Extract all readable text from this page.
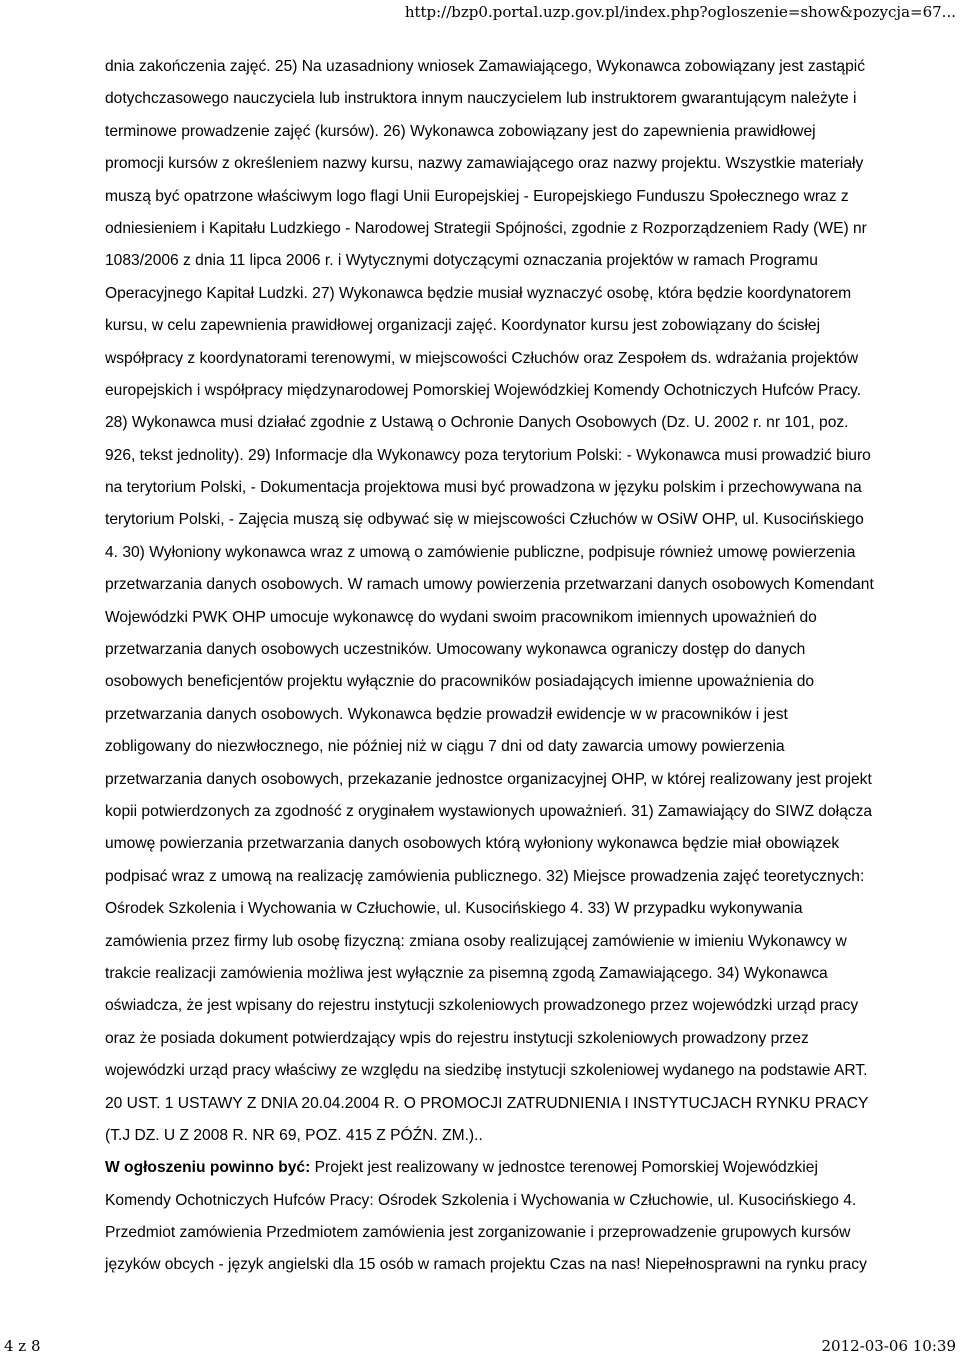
http://bzp0.portal.uzp.gov.pl/index.php?ogloszenie=show&pozycja=67...
dnia zakończenia zajęć. 25) Na uzasadniony wniosek Zamawiającego, Wykonawca zobowiązany jest zastąpić
dotychczasowego nauczyciela lub instruktora innym nauczycielem lub instruktorem gwarantującym należyte i
terminowe prowadzenie zajęć (kursów). 26) Wykonawca zobowiązany jest do zapewnienia prawidłowej
promocji kursów z określeniem nazwy kursu, nazwy zamawiającego oraz nazwy projektu. Wszystkie materiały
muszą być opatrzone właściwym logo flagi Unii Europejskiej - Europejskiego Funduszu Społecznego wraz z
odniesieniem i Kapitału Ludzkiego - Narodowej Strategii Spójności, zgodnie z Rozporządzeniem Rady (WE) nr
1083/2006 z dnia 11 lipca 2006 r. i Wytycznymi dotyczącymi oznaczania projektów w ramach Programu
Operacyjnego Kapitał Ludzki. 27) Wykonawca będzie musiał wyznaczyć osobę, która będzie koordynatorem
kursu, w celu zapewnienia prawidłowej organizacji zajęć. Koordynator kursu jest zobowiązany do ścisłej
współpracy z koordynatorami terenowymi, w miejscowości Człuchów oraz Zespołem ds. wdrażania projektów
europejskich i współpracy międzynarodowej Pomorskiej Wojewódzkiej Komendy Ochotniczych Hufców Pracy.
28) Wykonawca musi działać zgodnie z Ustawą o Ochronie Danych Osobowych (Dz. U. 2002 r. nr 101, poz.
926, tekst jednolity). 29) Informacje dla Wykonawcy poza terytorium Polski: - Wykonawca musi prowadzić biuro
na terytorium Polski, - Dokumentacja projektowa musi być prowadzona w języku polskim i przechowywana na
terytorium Polski, - Zajęcia muszą się odbywać się w miejscowości Człuchów w OSiW OHP, ul. Kusocińskiego
4. 30) Wyłoniony wykonawca wraz z umową o zamówienie publiczne, podpisuje również umowę powierzenia
przetwarzania danych osobowych. W ramach umowy powierzenia przetwarzani danych osobowych Komendant
Wojewódzki PWK OHP umocuje wykonawcę do wydani swoim pracownikom imiennych upoważnień do
przetwarzania danych osobowych uczestników. Umocowany wykonawca ograniczy dostęp do danych
osobowych beneficjentów projektu wyłącznie do pracowników posiadających imienne upoważnienia do
przetwarzania danych osobowych. Wykonawca będzie prowadził ewidencje w w pracowników i jest
zobligowany do niezwłocznego, nie później niż w ciągu 7 dni od daty zawarcia umowy powierzenia
przetwarzania danych osobowych, przekazanie jednostce organizacyjnej OHP, w której realizowany jest projekt
kopii potwierdzonych za zgodność z oryginałem wystawionych upoważnień. 31) Zamawiający do SIWZ dołącza
umowę powierzania przetwarzania danych osobowych którą wyłoniony wykonawca będzie miał obowiązek
podpisać wraz z umową na realizację zamówienia publicznego. 32) Miejsce prowadzenia zajęć teoretycznych:
Ośrodek Szkolenia i Wychowania w Człuchowie, ul. Kusocińskiego 4. 33) W przypadku wykonywania
zamówienia przez firmy lub osobę fizyczną: zmiana osoby realizującej zamówienie w imieniu Wykonawcy w
trakcie realizacji zamówienia możliwa jest wyłącznie za pisemną zgodą Zamawiającego. 34) Wykonawca
oświadcza, że jest wpisany do rejestru instytucji szkoleniowych prowadzonego przez wojewódzki urząd pracy
oraz że posiada dokument potwierdzający wpis do rejestru instytucji szkoleniowych prowadzony przez
wojewódzki urząd pracy właściwy ze względu na siedzibę instytucji szkoleniowej wydanego na podstawie ART.
20 UST. 1 USTAWY Z DNIA 20.04.2004 R. O PROMOCJI ZATRUDNIENIA I INSTYTUCJACH RYNKU PRACY
(T.J DZ. U Z 2008 R. NR 69, POZ. 415 Z PÓŹN. ZM.)..
W ogłoszeniu powinno być: Projekt jest realizowany w jednostce terenowej Pomorskiej Wojewódzkiej
Komendy Ochotniczych Hufców Pracy: Ośrodek Szkolenia i Wychowania w Człuchowie, ul. Kusocińskiego 4.
Przedmiot zamówienia Przedmiotem zamówienia jest zorganizowanie i przeprowadzenie grupowych kursów
języków obcych - język angielski dla 15 osób w ramach projektu Czas na nas! Niepełnosprawni na rynku pracy
4 z 8	2012-03-06 10:39
